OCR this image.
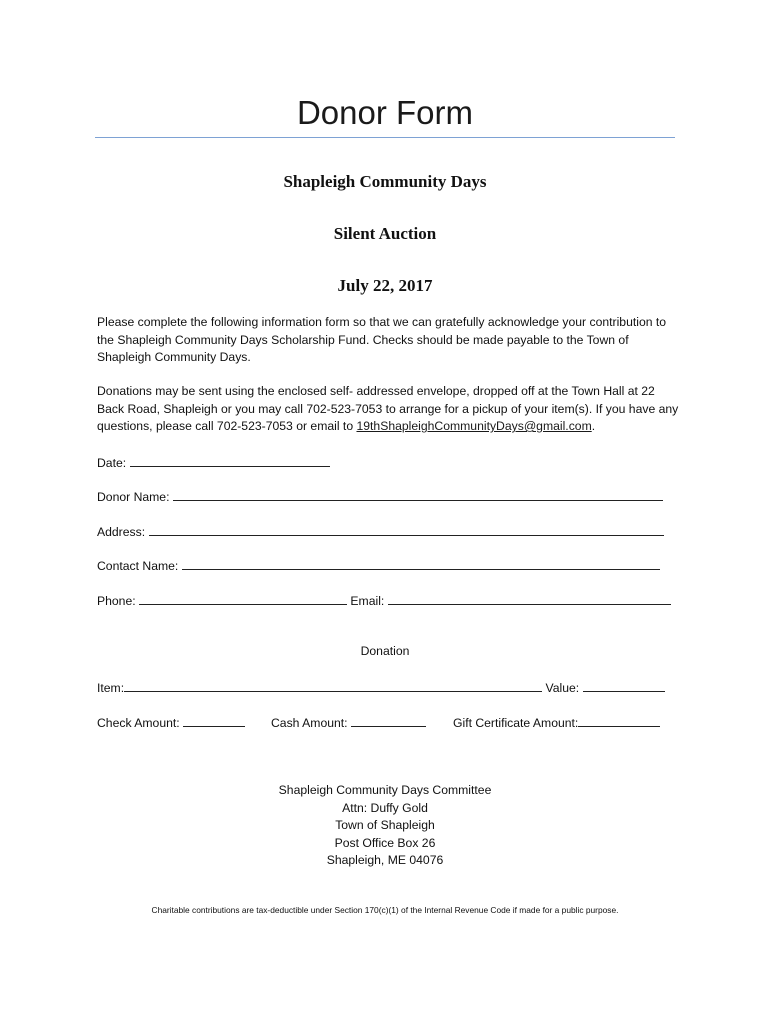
Donor Form
Shapleigh Community Days
Silent Auction
July 22, 2017
Please complete the following information form so that we can gratefully acknowledge your contribution to the Shapleigh Community Days Scholarship Fund. Checks should be made payable to the Town of Shapleigh Community Days.
Donations may be sent using the enclosed self- addressed envelope, dropped off at the Town Hall at 22 Back Road, Shapleigh or you may call 702-523-7053 to arrange for a pickup of your item(s). If you have any questions, please call 702-523-7053 or email to 19thShapleighCommunityDays@gmail.com.
Date:
Donor Name:
Address:
Contact Name:
Phone:	Email:
Donation
Item:	Value:
Check Amount:	Cash Amount:	Gift Certificate Amount:
Shapleigh Community Days Committee
Attn: Duffy Gold
Town of Shapleigh
Post Office Box 26
Shapleigh, ME 04076
Charitable contributions are tax-deductible under Section 170(c)(1) of the Internal Revenue Code if made for a public purpose.
